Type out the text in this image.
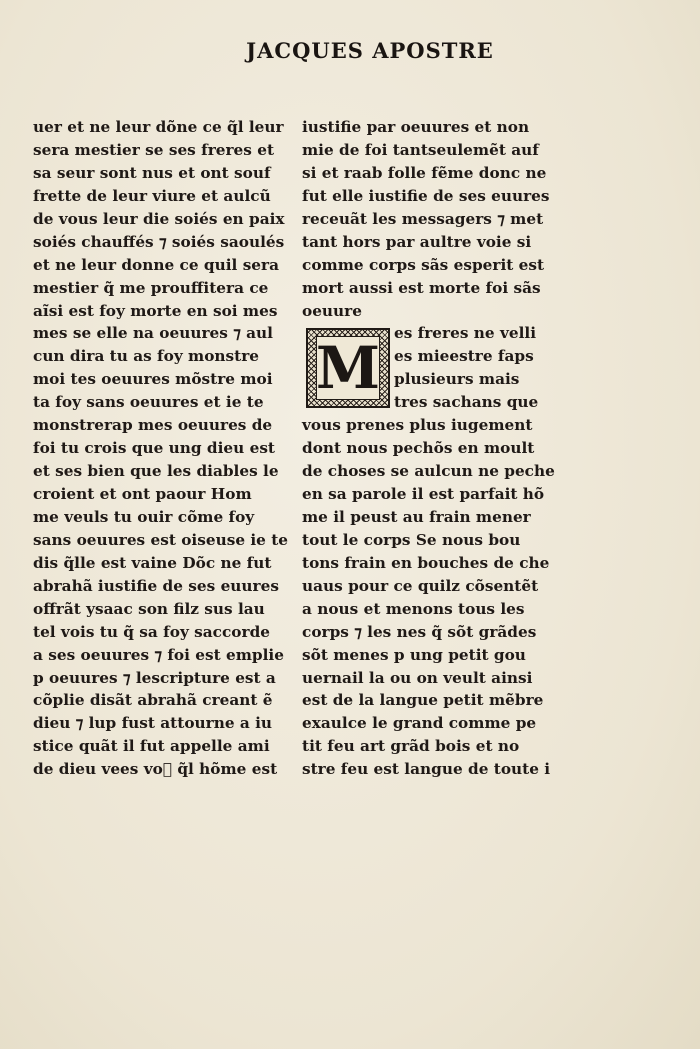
JACQUES APOSTRE
uer et ne leur dõne ce q̃l leur
sera mestier se ses freres et
sa seur sont nus et ont souf
frette de leur viure et aulcũ
de vous leur die soiés en paix
soiés chauffés ⁊ soiés saoulés
et ne leur donne ce quil sera
mestier q̃ me prouffitera ce
aĩsi est foy morte en soi mes
mes se elle na oeuures ⁊ aul
cun dira tu as foy monstre
moi tes oeuures mõstre moi
ta foy sans oeuures et ie te
monstrerap mes oeuures de
foi tu crois que ung dieu est
et ses bien que les diables le
croient et ont paour Hom
me veuls tu ouir cõme foy
sans oeuures est oiseuse ie te
dis q̃lle est vaine Dõc ne fut
abrahã iustifie de ses euures
offrãt ysaac son filz sus lau
tel vois tu q̃ sa foy saccorde
a ses oeuures ⁊ foi est emplie
p oeuures ⁊ lescripture est a
cõplie disãt abrahã creant ẽ
dieu ⁊ lup fust attourne a iu
stice quãt il fut appelle ami
de dieu vees vo᷑ q̃l hõme est
iustifie par oeuures et non
mie de foi tantseulemẽt auf
si et raab folle fẽme donc ne
fut elle iustifie de ses euures
receuãt les messagers ⁊ met
tant hors par aultre voie si
comme corps sãs esperit est
mort aussi est morte foi sãs
oeuure
M
es freres ne velli
es mieestre faps
plusieurs mais
tres sachans que
vous prenes plus iugement
dont nous pechõs en moult
de choses se aulcun ne peche
en sa parole il est parfait hõ
me il peust au frain mener
tout le corps Se nous bou
tons frain en bouches de che
uaus pour ce quilz cõsentẽt
a nous et menons tous les
corps ⁊ les nes q̃ sõt grãdes
sõt menes p ung petit gou
uernail la ou on veult ainsi
est de la langue petit mẽbre
exaulce le grand comme pe
tit feu art grãd bois et no
stre feu est langue de toute i
